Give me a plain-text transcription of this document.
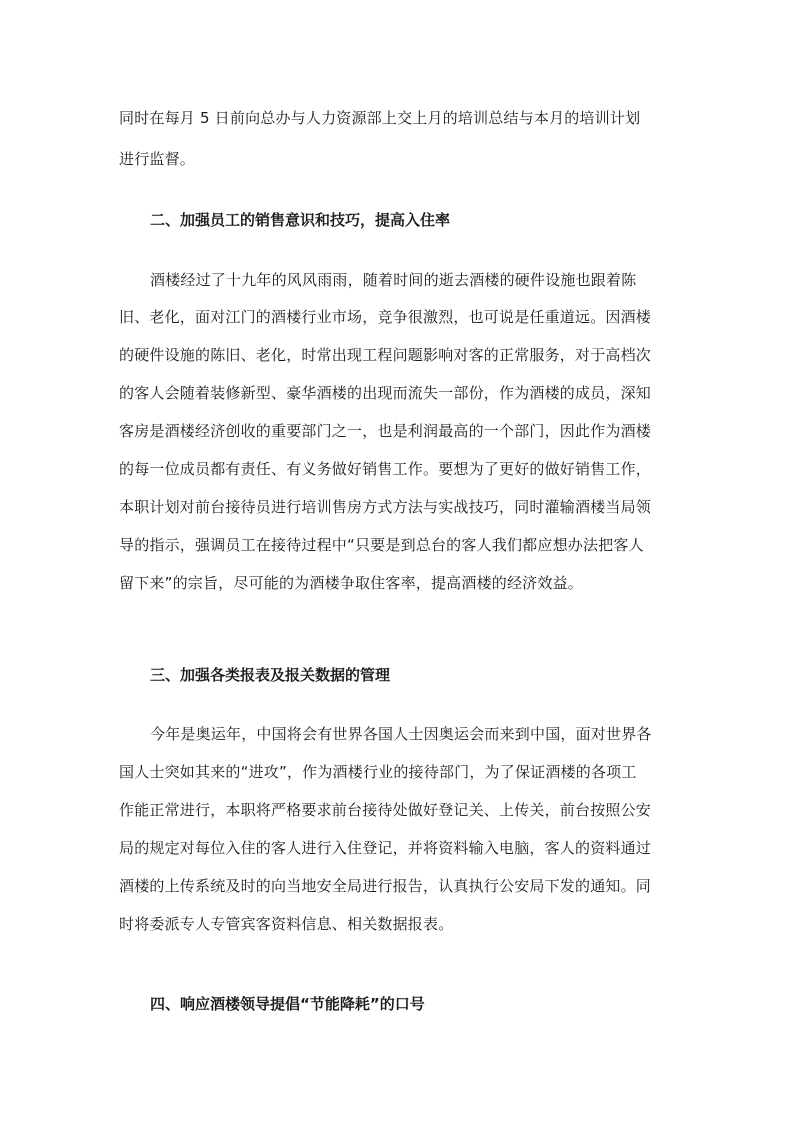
同时在每月 5 日前向总办与人力资源部上交上月的培训总结与本月的培训计划
进行监督。
二、加强员工的销售意识和技巧，提高入住率
酒楼经过了十九年的风风雨雨，随着时间的逝去酒楼的硬件设施也跟着陈
旧、老化，面对江门的酒楼行业市场，竞争很激烈，也可说是任重道远。因酒楼
的硬件设施的陈旧、老化，时常出现工程问题影响对客的正常服务，对于高档次
的客人会随着装修新型、豪华酒楼的出现而流失一部份，作为酒楼的成员，深知
客房是酒楼经济创收的重要部门之一，也是利润最高的一个部门，因此作为酒楼
的每一位成员都有责任、有义务做好销售工作。要想为了更好的做好销售工作，
本职计划对前台接待员进行培训售房方式方法与实战技巧，同时灌输酒楼当局领
导的指示，强调员工在接待过程中“只要是到总台的客人我们都应想办法把客人
留下来”的宗旨，尽可能的为酒楼争取住客率，提高酒楼的经济效益。
三、加强各类报表及报关数据的管理
今年是奥运年，中国将会有世界各国人士因奥运会而来到中国，面对世界各
国人士突如其来的“进攻”，作为酒楼行业的接待部门，为了保证酒楼的各项工
作能正常进行，本职将严格要求前台接待处做好登记关、上传关，前台按照公安
局的规定对每位入住的客人进行入住登记，并将资料输入电脑，客人的资料通过
酒楼的上传系统及时的向当地安全局进行报告，认真执行公安局下发的通知。同
时将委派专人专管宾客资料信息、相关数据报表。
四、响应酒楼领导提倡“节能降耗”的口号
